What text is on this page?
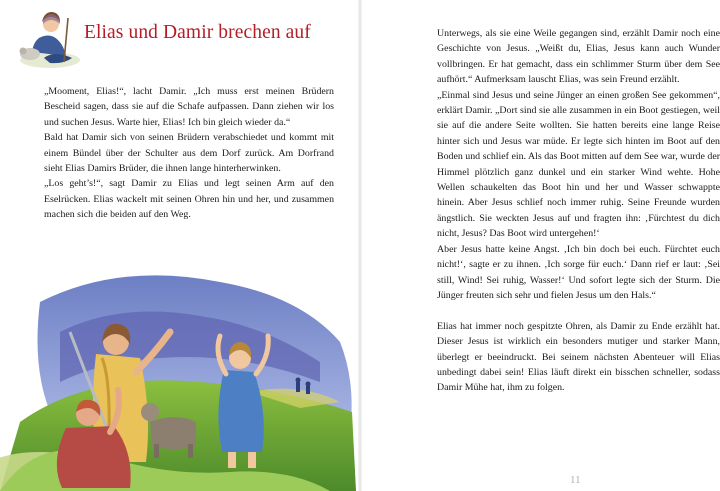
Elias und Damir brechen auf

„Mooment, Elias!“, lacht Damir. „Ich muss erst meinen Brüdern Bescheid sagen, dass sie auf die Schafe aufpassen. Dann ziehen wir los und suchen Jesus. Warte hier, Elias! Ich bin gleich wieder da.“

Bald hat Damir sich von seinen Brüdern verabschiedet und kommt mit einem Bündel über der Schulter aus dem Dorf zurück. Am Dorfrand sieht Elias Damirs Brüder, die ihnen lange hinterherwinken.

„Los geht’s!“, sagt Damir zu Elias und legt seinen Arm auf den Eselrücken. Elias wackelt mit seinen Ohren hin und her, und zusammen machen sich die beiden auf den Weg.

Unterwegs, als sie eine Weile gegangen sind, erzählt Damir noch eine Geschichte von Jesus. „Weißt du, Elias, Jesus kann auch Wunder vollbringen. Er hat gemacht, dass ein schlimmer Sturm über dem See aufhört.“ Aufmerksam lauscht Elias, was sein Freund erzählt.

„Einmal sind Jesus und seine Jünger an einen großen See gekommen“, erklärt Damir. „Dort sind sie alle zusammen in ein Boot gestiegen, weil sie auf die andere Seite wollten. Sie hatten bereits eine lange Reise hinter sich und Jesus war müde. Er legte sich hinten im Boot auf den Boden und schlief ein. Als das Boot mitten auf dem See war, wurde der Himmel plötzlich ganz dunkel und ein starker Wind wehte. Hohe Wellen schaukelten das Boot hin und her und Wasser schwappte hinein. Aber Jesus schlief noch immer ruhig. Seine Freunde wurden ängstlich. Sie weckten Jesus auf und fragten ihn: ‚Fürchtest du dich nicht, Jesus? Das Boot wird untergehen!‘

Aber Jesus hatte keine Angst. ‚Ich bin doch bei euch. Fürchtet euch nicht!‘, sagte er zu ihnen. ‚Ich sorge für euch.‘ Dann rief er laut: ‚Sei still, Wind! Sei ruhig, Wasser!‘ Und sofort legte sich der Sturm. Die Jünger freuten sich sehr und fielen Jesus um den Hals.“

Elias hat immer noch gespitzte Ohren, als Damir zu Ende erzählt hat. Dieser Jesus ist wirklich ein besonders mutiger und starker Mann, überlegt er beeindruckt. Bei seinem nächsten Abenteuer will Elias unbedingt dabei sein! Elias läuft direkt ein bisschen schneller, sodass Damir Mühe hat, ihm zu folgen.

11
